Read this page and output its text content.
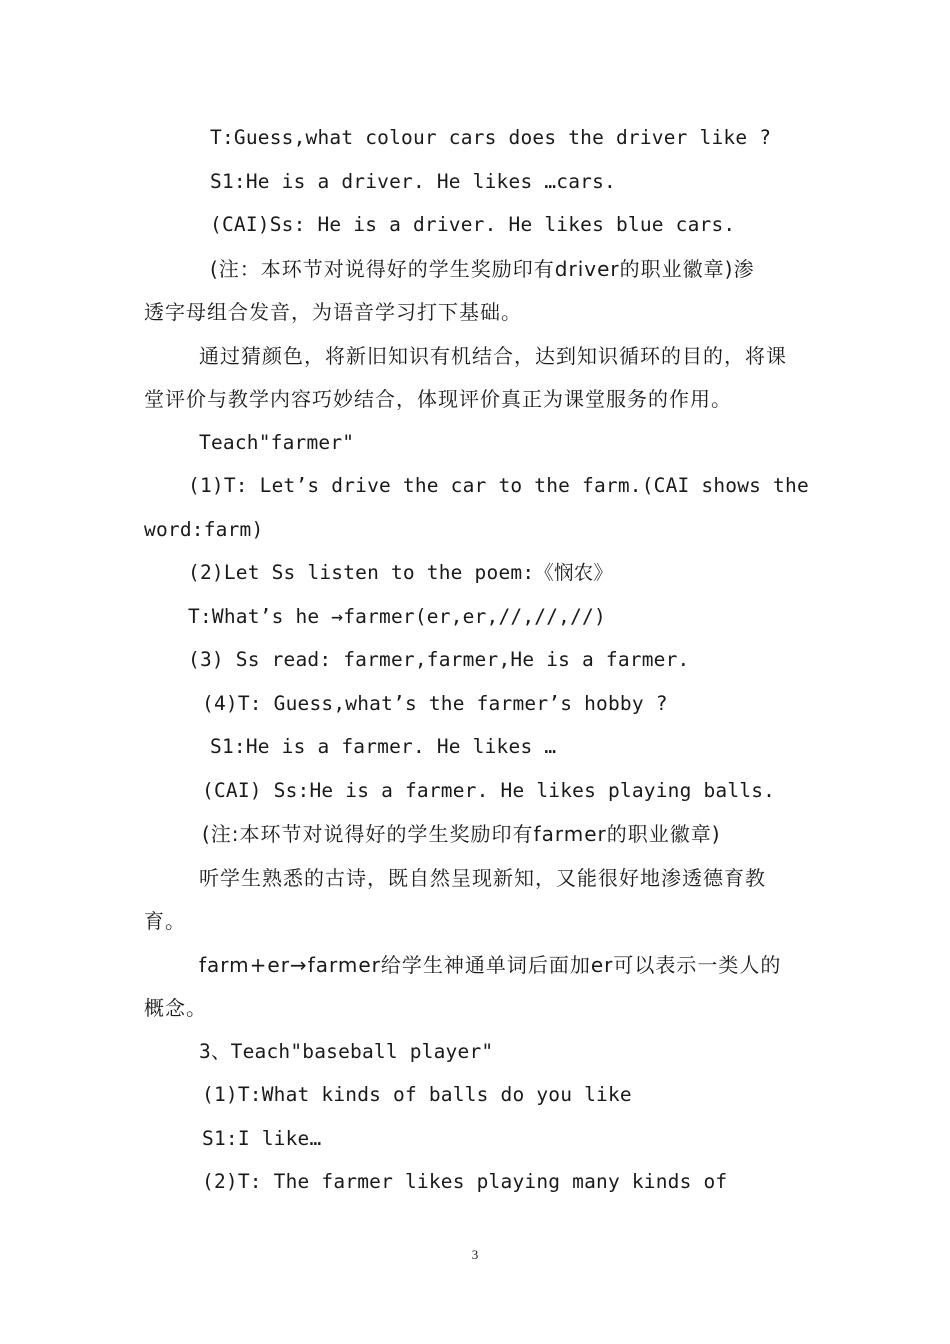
T:Guess,what colour cars does the driver like ?
S1:He is a driver. He likes …cars.
(CAI)Ss: He is a driver. He likes blue cars.
(注：本环节对说得好的学生奖励印有driver的职业徽章)渗
透字母组合发音，为语音学习打下基础。
通过猜颜色，将新旧知识有机结合，达到知识循环的目的，将课
堂评价与教学内容巧妙结合，体现评价真正为课堂服务的作用。
Teach"farmer"
(1)T: Let’s drive the car to the farm.(CAI shows the
word:farm)
(2)Let Ss listen to the poem:《悯农》
T:What’s he →farmer(er,er,//,//,//)
(3) Ss read: farmer,farmer,He is a farmer.
(4)T: Guess,what’s the farmer’s hobby ?
S1:He is a farmer. He likes …
(CAI) Ss:He is a farmer. He likes playing balls.
(注:本环节对说得好的学生奖励印有farmer的职业徽章)
听学生熟悉的古诗，既自然呈现新知，又能很好地渗透德育教
育。
farm+er→farmer给学生神通单词后面加er可以表示一类人的
概念。
3、Teach"baseball player"
(1)T:What kinds of balls do you like
S1:I like…
(2)T: The farmer likes playing many kinds of
3
